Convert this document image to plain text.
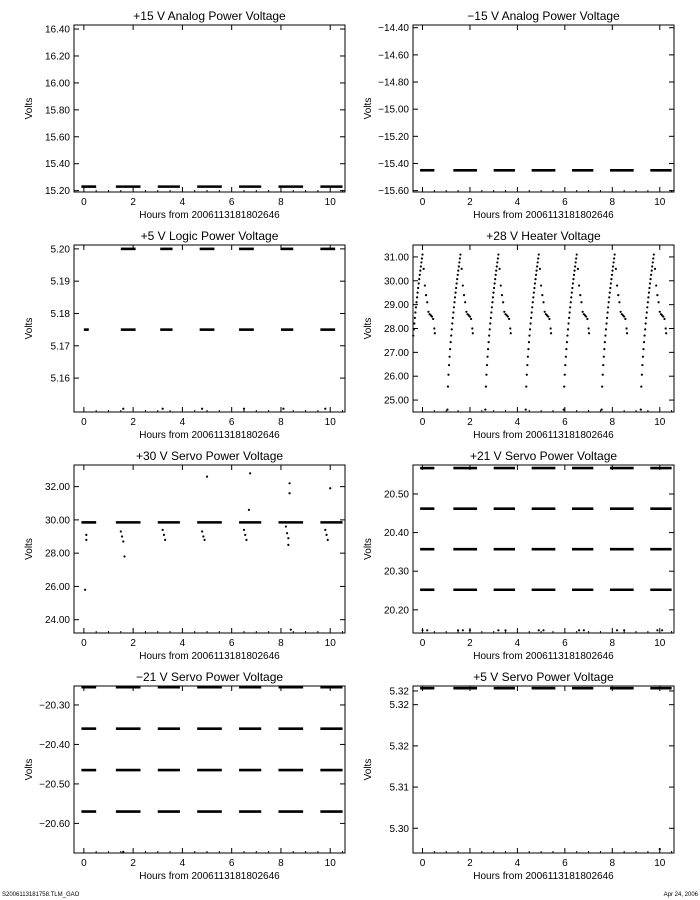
+15 V Analog Power Voltage
0	2	4	6	8	10
15.20
15.40
15.60
15.80
16.00
16.20
16.40
Hours from 2006113181802646
Volts
−15 V Analog Power Voltage
0	2	4	6	8	10
−15.60
−15.40
−15.20
−15.00
−14.80
−14.60
−14.40
Hours from 2006113181802646
Volts
+5 V Logic Power Voltage
0	2	4	6	8	10
5.16
5.17
5.18
5.19
5.20
Hours from 2006113181802646
Volts
+28 V Heater Voltage
0	2	4	6	8	10
25.00
26.00
27.00
28.00
29.00
30.00
31.00
Hours from 2006113181802646
Volts
+30 V Servo Power Voltage
0	2	4	6	8	10
24.00
26.00
28.00
30.00
32.00
Hours from 2006113181802646
Volts
+21 V Servo Power Voltage
0	2	4	6	8	10
20.20
20.30
20.40
20.50
Hours from 2006113181802646
Volts
−21 V Servo Power Voltage
0	2	4	6	8	10
−20.60
−20.50
−20.40
−20.30
Hours from 2006113181802646
Volts
+5 V Servo Power Voltage
0	2	4	6	8	10
5.30
5.31
5.32
5.32
5.32
Hours from 2006113181802646
Volts
S2006113181758.TLM_GAO	Apr 24, 2006
